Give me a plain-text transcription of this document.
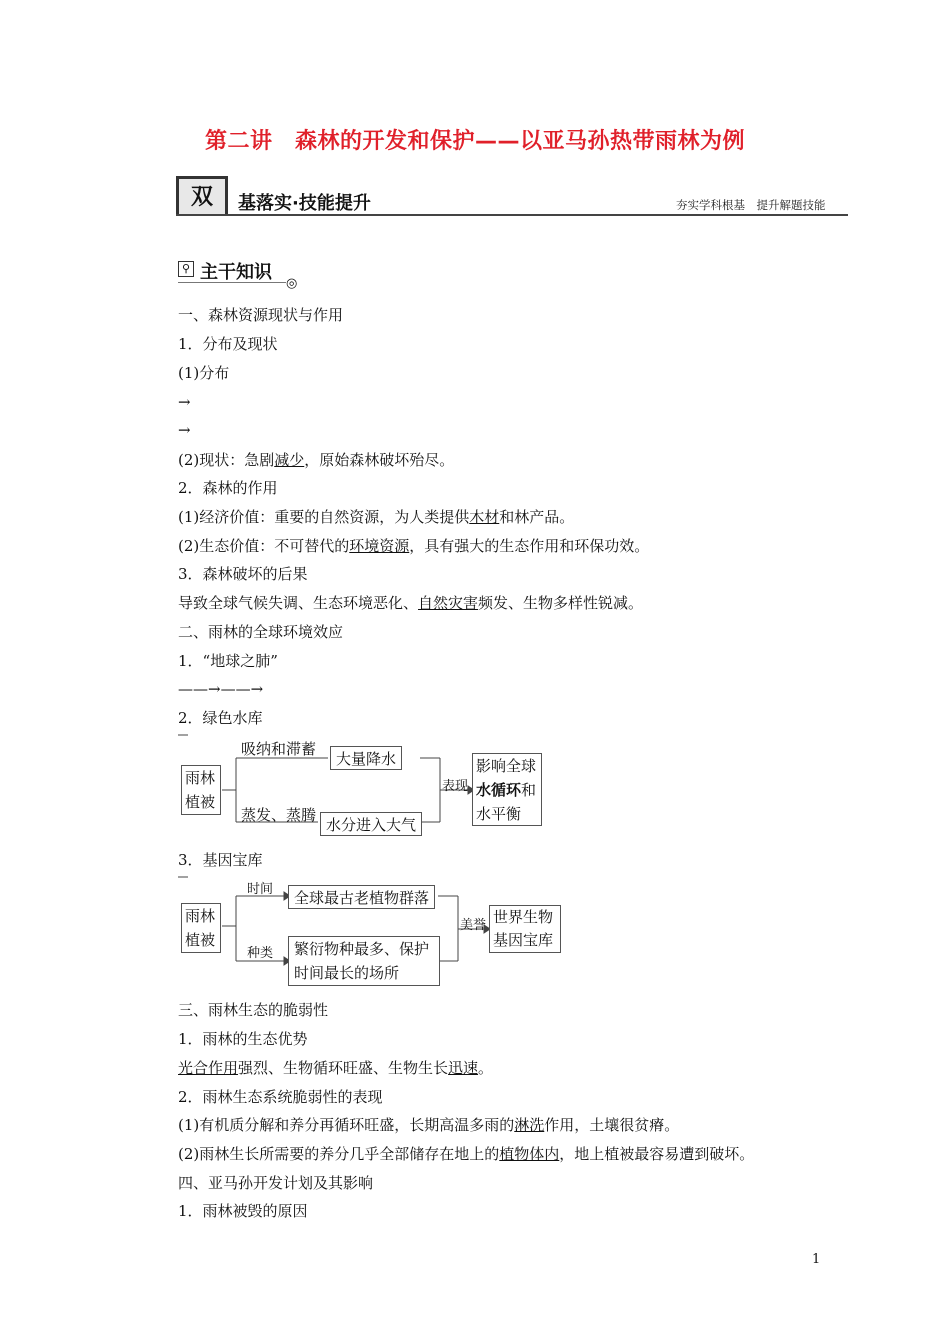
第二讲　森林的开发和保护——以亚马孙热带雨林为例
双	基落实·技能提升	夯实学科根基　提升解题技能
⚲ 主干知识
◎
一、森林资源现状与作用
1．分布及现状
(1)分布
→
→
(2)现状：急剧减少，原始森林破坏殆尽。
2．森林的作用
(1)经济价值：重要的自然资源，为人类提供木材和林产品。
(2)生态价值：不可替代的环境资源，具有强大的生态作用和环保功效。
3．森林破坏的后果
导致全球气候失调、生态环境恶化、自然灾害频发、生物多样性锐减。
二、雨林的全球环境效应
1．“地球之肺”
——→——→
2．绿色水库
雨林
植被
吸纳和滞蓄
大量降水
蒸发、蒸腾
水分进入大气
表现
影响全球
水循环和
水平衡
3．基因宝库
雨林
植被
时间	全球最古老植物群落
种类 繁衍物种最多、保护
时间最长的场所
美誉 世界生物
基因宝库
三、雨林生态的脆弱性
1．雨林的生态优势
光合作用强烈、生物循环旺盛、生物生长迅速。
2．雨林生态系统脆弱性的表现
(1)有机质分解和养分再循环旺盛，长期高温多雨的淋洗作用，土壤很贫瘠。
(2)雨林生长所需要的养分几乎全部储存在地上的植物体内，地上植被最容易遭到破坏。
四、亚马孙开发计划及其影响
1．雨林被毁的原因
1
